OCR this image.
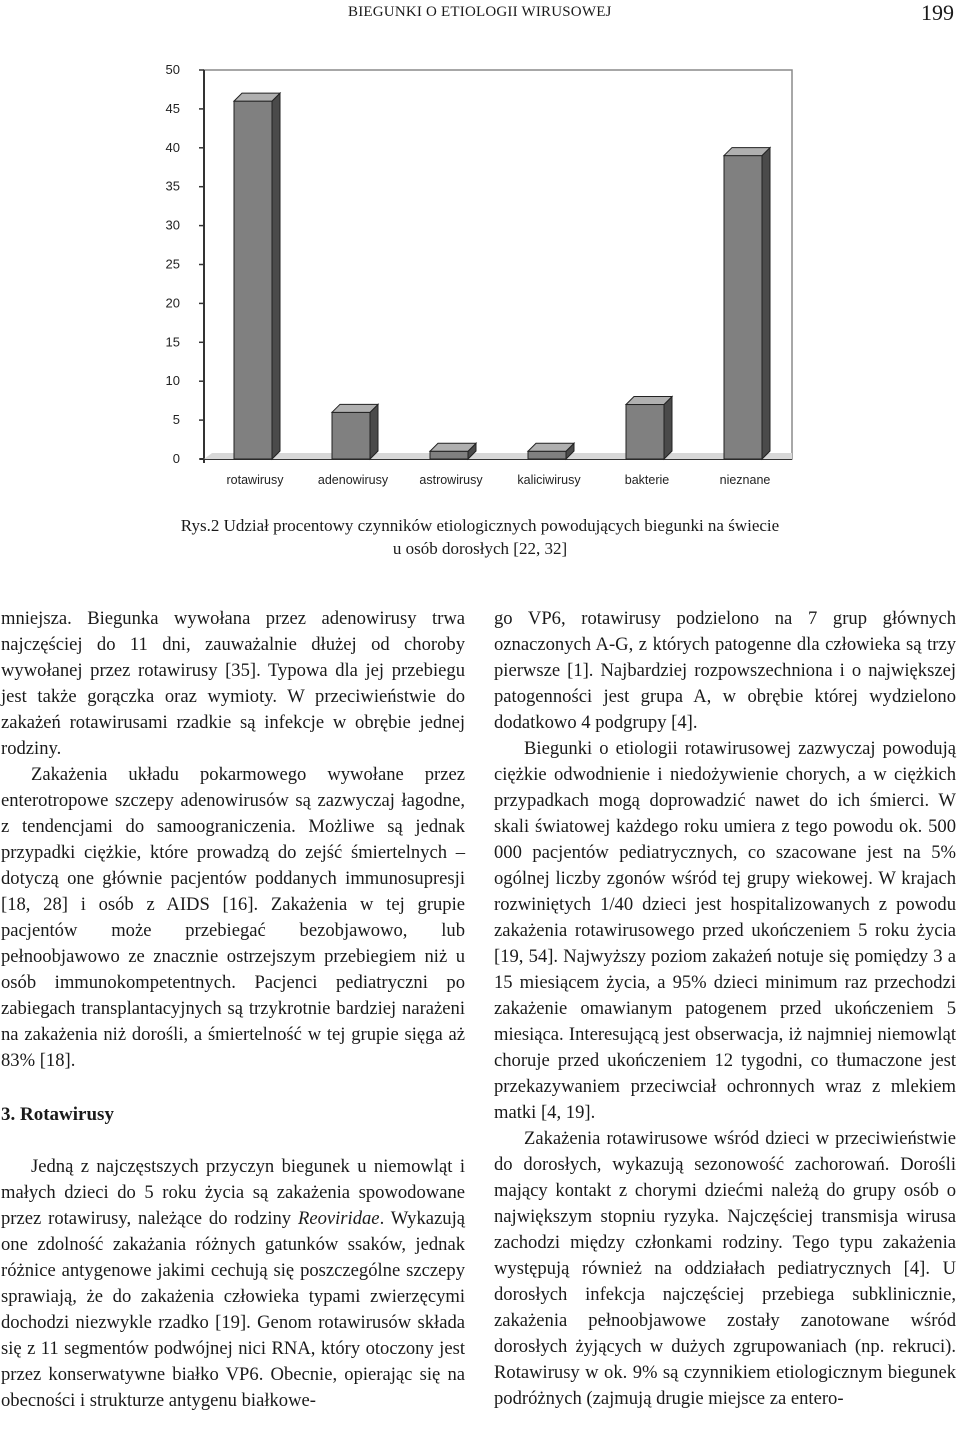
BIEGUNKI O ETIOLOGII WIRUSOWEJ	199
0
5
10
15
20
25
30
35
40
45
50
rotawirusy	adenowirusy	astrowirusy	kaliciwirusy	bakterie	nieznane
Rys.2 Udział procentowy czynników etiologicznych powodujących biegunki na świecie
u osób dorosłych [22, 32]

mniejsza. Biegunka wywołana przez adenowirusy trwa najczęściej do 11 dni, zauważalnie dłużej od choroby wywołanej przez rotawirusy [35]. Typowa dla jej przebiegu jest także gorączka oraz wymioty. W przeciwieństwie do zakażeń rotawirusami rzadkie są infekcje w obrębie jednej rodziny.

Zakażenia układu pokarmowego wywołane przez enterotropowe szczepy adenowirusów są zazwyczaj łagodne, z tendencjami do samoograniczenia. Możliwe są jednak przypadki ciężkie, które prowadzą do zejść śmiertelnych – dotyczą one głównie pacjentów poddanych immunosupresji [18, 28] i osób z AIDS [16]. Zakażenia w tej grupie pacjentów może przebiegać bezobjawowo, lub pełnoobjawowo ze znacznie ostrzejszym przebiegiem niż u osób immunokompetentnych. Pacjenci pediatryczni po zabiegach transplantacyjnych są trzykrotnie bardziej narażeni na zakażenia niż dorośli, a śmiertelność w tej grupie sięga aż 83% [18].

3. Rotawirusy

Jedną z najczęstszych przyczyn biegunek u niemowląt i małych dzieci do 5 roku życia są zakażenia spowodowane przez rotawirusy, należące do rodziny Reoviridae. Wykazują one zdolność zakażania różnych gatunków ssaków, jednak różnice antygenowe jakimi cechują się poszczególne szczepy sprawiają, że do zakażenia człowieka typami zwierzęcymi dochodzi niezwykle rzadko [19]. Genom rotawirusów składa się z 11 segmentów podwójnej nici RNA, który otoczony jest przez konserwatywne białko VP6. Obecnie, opierając się na obecności i strukturze antygenu białkowe-

go VP6, rotawirusy podzielono na 7 grup głównych oznaczonych A-G, z których patogenne dla człowieka są trzy pierwsze [1]. Najbardziej rozpowszechniona i o największej patogenności jest grupa A, w obrębie której wydzielono dodatkowo 4 podgrupy [4].

Biegunki o etiologii rotawirusowej zazwyczaj powodują ciężkie odwodnienie i niedożywienie chorych, a w ciężkich przypadkach mogą doprowadzić nawet do ich śmierci. W skali światowej każdego roku umiera z tego powodu ok. 500 000 pacjentów pediatrycznych, co szacowane jest na 5% ogólnej liczby zgonów wśród tej grupy wiekowej. W krajach rozwiniętych 1/40 dzieci jest hospitalizowanych z powodu zakażenia rotawirusowego przed ukończeniem 5 roku życia [19, 54]. Najwyższy poziom zakażeń notuje się pomiędzy 3 a 15 miesiącem życia, a 95% dzieci minimum raz przechodzi zakażenie omawianym patogenem przed ukończeniem 5 miesiąca. Interesującą jest obserwacja, iż najmniej niemowląt choruje przed ukończeniem 12 tygodni, co tłumaczone jest przekazywaniem przeciwciał ochronnych wraz z mlekiem matki [4, 19].

Zakażenia rotawirusowe wśród dzieci w przeciwieństwie do dorosłych, wykazują sezonowość zachorowań. Dorośli mający kontakt z chorymi dziećmi należą do grupy osób o największym stopniu ryzyka. Najczęściej transmisja wirusa zachodzi między członkami rodziny. Tego typu zakażenia występują również na oddziałach pediatrycznych [4]. U dorosłych infekcja najczęściej przebiega subklinicznie, zakażenia pełnoobjawowe zostały zanotowane wśród dorosłych żyjących w dużych zgrupowaniach (np. rekruci). Rotawirusy w ok. 9% są czynnikiem etiologicznym biegunek podróżnych (zajmują drugie miejsce za entero-
